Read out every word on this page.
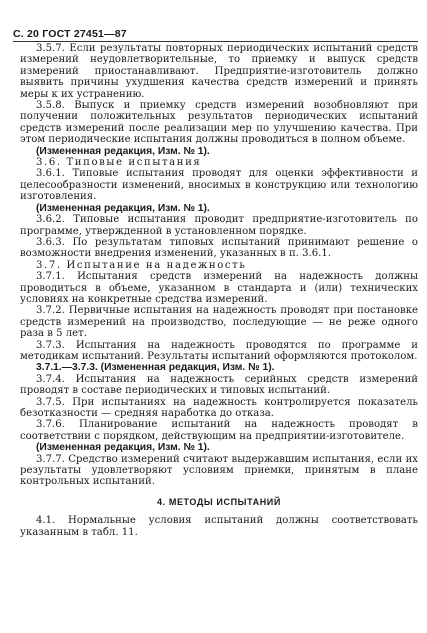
С. 20 ГОСТ 27451—87

3.5.7. Если результаты повторных периодических испытаний средств измерений неудовлетворительные, то приемку и выпуск средств измерений приостанавливают. Предприятие-изготовитель должно выявить причины ухудшения качества средств измерений и принять меры к их устранению.

3.5.8. Выпуск и приемку средств измерений возобновляют при получении положительных результатов периодических испытаний средств измерений после реализации мер по улучшению качества. При этом периодические испытания должны проводиться в полном объеме.

(Измененная редакция, Изм. № 1).

3.6. Типовые испытания

3.6.1. Типовые испытания проводят для оценки эффективности и целесообразности изменений, вносимых в конструкцию или технологию изготовления.

(Измененная редакция, Изм. № 1).

3.6.2. Типовые испытания проводит предприятие-изготовитель по программе, утвержденной в установленном порядке.

3.6.3. По результатам типовых испытаний принимают решение о возможности внедрения изменений, указанных в п. 3.6.1.

3.7. Испытание на надежность

3.7.1. Испытания средств измерений на надежность должны проводиться в объеме, указанном в стандарта и (или) технических условиях на конкретные средства измерений.

3.7.2. Первичные испытания на надежность проводят при постановке средств измерений на производство, последующие — не реже одного раза в 5 лет.

3.7.3. Испытания на надежность проводятся по программе и методикам испытаний. Результаты испытаний оформляются протоколом.

3.7.1.—3.7.3. (Измененная редакция, Изм. № 1).

3.7.4. Испытания на надежность серийных средств измерений проводят в составе периодических и типовых испытаний.

3.7.5. При испытаниях на надежность контролируется показатель безотказности — средняя наработка до отказа.

3.7.6. Планирование испытаний на надежность проводят в соответствии с порядком, действующим на предприятии-изготовителе.

(Измененная редакция, Изм. № 1).

3.7.7. Средство измерений считают выдержавшим испытания, если их результаты удовлетворяют условиям приемки, принятым в плане контрольных испытаний.

4. МЕТОДЫ ИСПЫТАНИЙ

4.1. Нормальные условия испытаний должны соответствовать указанным в табл. 11.
